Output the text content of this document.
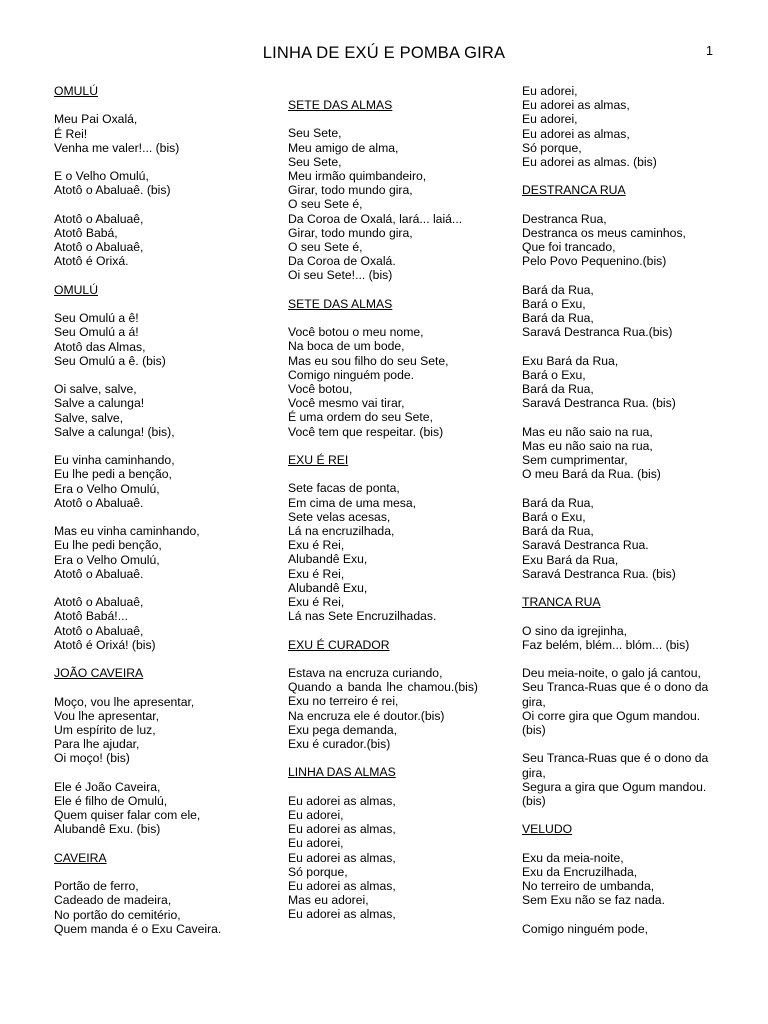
LINHA DE EXÚ E POMBA GIRA	1
OMULÚ
Meu Pai Oxalá,
É Rei!
Venha me valer!... (bis)
E o Velho Omulú,
Atotô o Abaluaê. (bis)
Atotô o Abaluaê,
Atotô Babá,
Atotô o Abaluaê,
Atotô é Orixá.
OMULÚ
Seu Omulú a ê!
Seu Omulú a á!
Atotô das Almas,
Seu Omulú a ê. (bis)
Oi salve, salve,
Salve a calunga!
Salve, salve,
Salve a calunga! (bis),
Eu vinha caminhando,
Eu lhe pedi a benção,
Era o Velho Omulú,
Atotô o Abaluaê.
Mas eu vinha caminhando,
Eu lhe pedi benção,
Era o Velho Omulú,
Atotô o Abaluaê.
Atotô o Abaluaê,
Atotô Babá!...
Atotô o Abaluaê,
Atotô é Orixá! (bis)
JOÃO CAVEIRA
Moço, vou lhe apresentar,
Vou lhe apresentar,
Um espírito de luz,
Para lhe ajudar,
Oi moço! (bis)
Ele é João Caveira,
Ele é filho de Omulú,
Quem quiser falar com ele,
Alubandê Exu. (bis)
CAVEIRA
Portão de ferro,
Cadeado de madeira,
No portão do cemitério,
Quem manda é o Exu Caveira.
SETE DAS ALMAS
Seu Sete,
Meu amigo de alma,
Seu Sete,
Meu irmão quimbandeiro,
Girar, todo mundo gira,
O seu Sete é,
Da Coroa de Oxalá, lará... laiá...
Girar, todo mundo gira,
O seu Sete é,
Da Coroa de Oxalá.
Oi seu Sete!... (bis)
SETE DAS ALMAS
Você botou o meu nome,
Na boca de um bode,
Mas eu sou filho do seu Sete,
Comigo ninguém pode.
Você botou,
Você mesmo vai tirar,
É uma ordem do seu Sete,
Você tem que respeitar. (bis)
EXU É REI
Sete facas de ponta,
Em cima de uma mesa,
Sete velas acesas,
Lá na encruzilhada,
Exu é Rei,
Alubandê Exu,
Exu é Rei,
Alubandê Exu,
Exu é Rei,
Lá nas Sete Encruzilhadas.
EXU É CURADOR
Estava na encruza curiando,
Quando a banda lhe chamou.(bis)
Exu no terreiro é rei,
Na encruza ele é doutor.(bis)
Exu pega demanda,
Exu é curador.(bis)
LINHA DAS ALMAS
Eu adorei as almas,
Eu adorei,
Eu adorei as almas,
Eu adorei,
Eu adorei as almas,
Só porque,
Eu adorei as almas,
Mas eu adorei,
Eu adorei as almas,
Eu adorei,
Eu adorei as almas,
Eu adorei,
Eu adorei as almas,
Só porque,
Eu adorei as almas. (bis)
DESTRANCA RUA
Destranca Rua,
Destranca os meus caminhos,
Que foi trancado,
Pelo Povo Pequenino.(bis)
Bará da Rua,
Bará o Exu,
Bará da Rua,
Saravá Destranca Rua.(bis)
Exu Bará da Rua,
Bará o Exu,
Bará da Rua,
Saravá Destranca Rua. (bis)
Mas eu não saio na rua,
Mas eu não saio na rua,
Sem cumprimentar,
O meu Bará da Rua. (bis)
Bará da Rua,
Bará o Exu,
Bará da Rua,
Saravá Destranca Rua.
Exu Bará da Rua,
Saravá Destranca Rua. (bis)
TRANCA RUA
O sino da igrejinha,
Faz belém, blém... blóm... (bis)
Deu meia-noite, o galo já cantou,
Seu Tranca-Ruas que é o dono da gira,
Oi corre gira que Ogum mandou. (bis)
Seu Tranca-Ruas que é o dono da gira,
Segura a gira que Ogum mandou. (bis)
VELUDO
Exu da meia-noite,
Exu da Encruzilhada,
No terreiro de umbanda,
Sem Exu não se faz nada.
Comigo ninguém pode,
